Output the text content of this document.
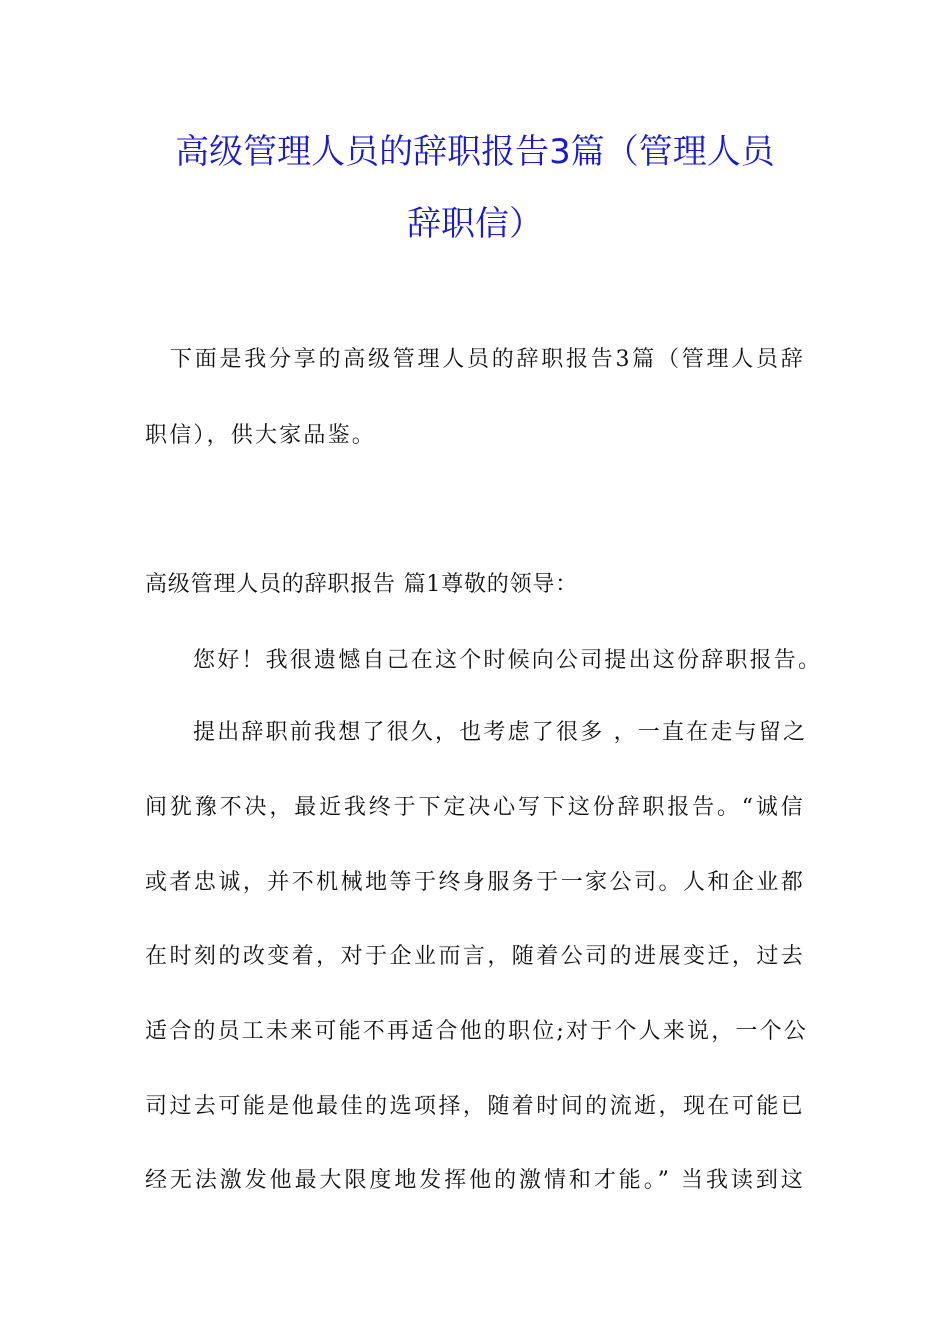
高级管理人员的辞职报告3篇（管理人员
辞职信）
下面是我分享的高级管理人员的辞职报告3篇（管理人员辞
职信），供大家品鉴。
高级管理人员的辞职报告 篇1尊敬的领导：
您好！我很遗憾自己在这个时候向公司提出这份辞职报告。
提出辞职前我想了很久，也考虑了很多 ，一直在走与留之
间犹豫不决，最近我终于下定决心写下这份辞职报告。“诚信
或者忠诚，并不机械地等于终身服务于一家公司。人和企业都
在时刻的改变着，对于企业而言，随着公司的进展变迁，过去
适合的员工未来可能不再适合他的职位;对于个人来说，一个公
司过去可能是他最佳的选项择，随着时间的流逝，现在可能已
经无法激发他最大限度地发挥他的激情和才能。” 当我读到这
